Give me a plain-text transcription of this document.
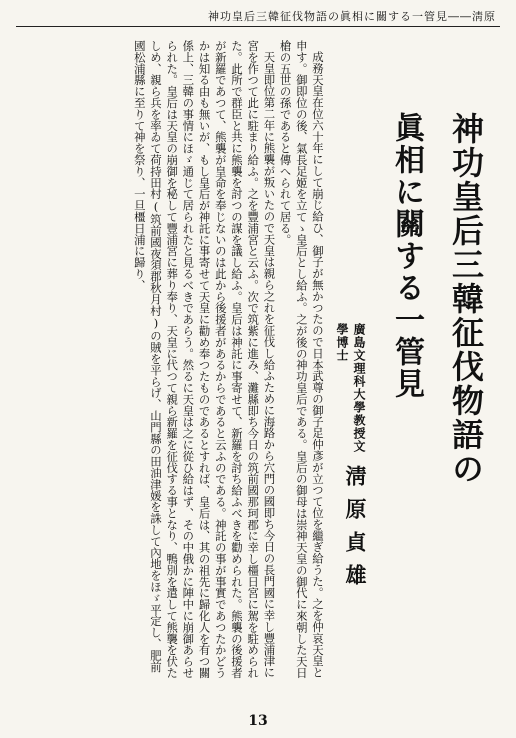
神功皇后三韓征伐物語の眞相に關する一管見――淸原
神功皇后三韓征伐物語の
眞相に關する一管見
廣島文理科大學教授文學博士
淸原貞雄

成務天皇在位六十年にして崩じ給ひ、御子が無かつたので日本武尊の御子足仲彥が立つて位を繼ぎ給うた。之を仲哀天皇と申す。御即位の後、氣長足姬を立てゝ皇后とし給ふ。之が後の神功皇后である。皇后の御母は崇神天皇の御代に來朝した天日槍の五世の孫であると傳へられて居る。

天皇即位第二年に熊襲が叛いたので天皇は親ら之れを征伐し給ふために海路から穴門の國即ち今日の長門國に幸し豐浦津に宮を作つて此に駐まり給ふ。之を豐浦宮と云ふ。次で筑紫に進み、灘縣即ち今日の筑前國那珂郡に幸し橿日宮に駕を駐められた。此所で群臣と共に熊襲を討つの謀を議し給ふ。皇后は神託に事寄せて、新羅を討ち給ふべきを勸められた。熊襲の後援者が新羅であつて、熊襲が皇命を奉じないのは此から後援者があるからであると云ふのである。神託の事が事實であつたかどうかは知る由も無いが、もし皇后が神託に事寄せて天皇に勸め奉つたものであるとすれば、皇后は、其の祖先に歸化人を有つ關係上、三韓の事情にほゞ通じて居られたと見るべきであらう。然るに天皇は之に從ひ給はず、その中俄かに陣中に崩御あらせられた。皇后は天皇の崩御を秘して豐浦宮に葬り奉り、天皇に代つて親ら新羅を征伐する事となり、鴨別を遣して熊襲を伏たしめ、親ら兵を率ゐて荷持田村(筑前國夜須郡秋月村)の賊を平らげ、山門縣の田油津媛を誅して內地をほゞ平定し、肥前國松浦縣に至りて神を祭り、一旦橿日浦に歸り、

13
